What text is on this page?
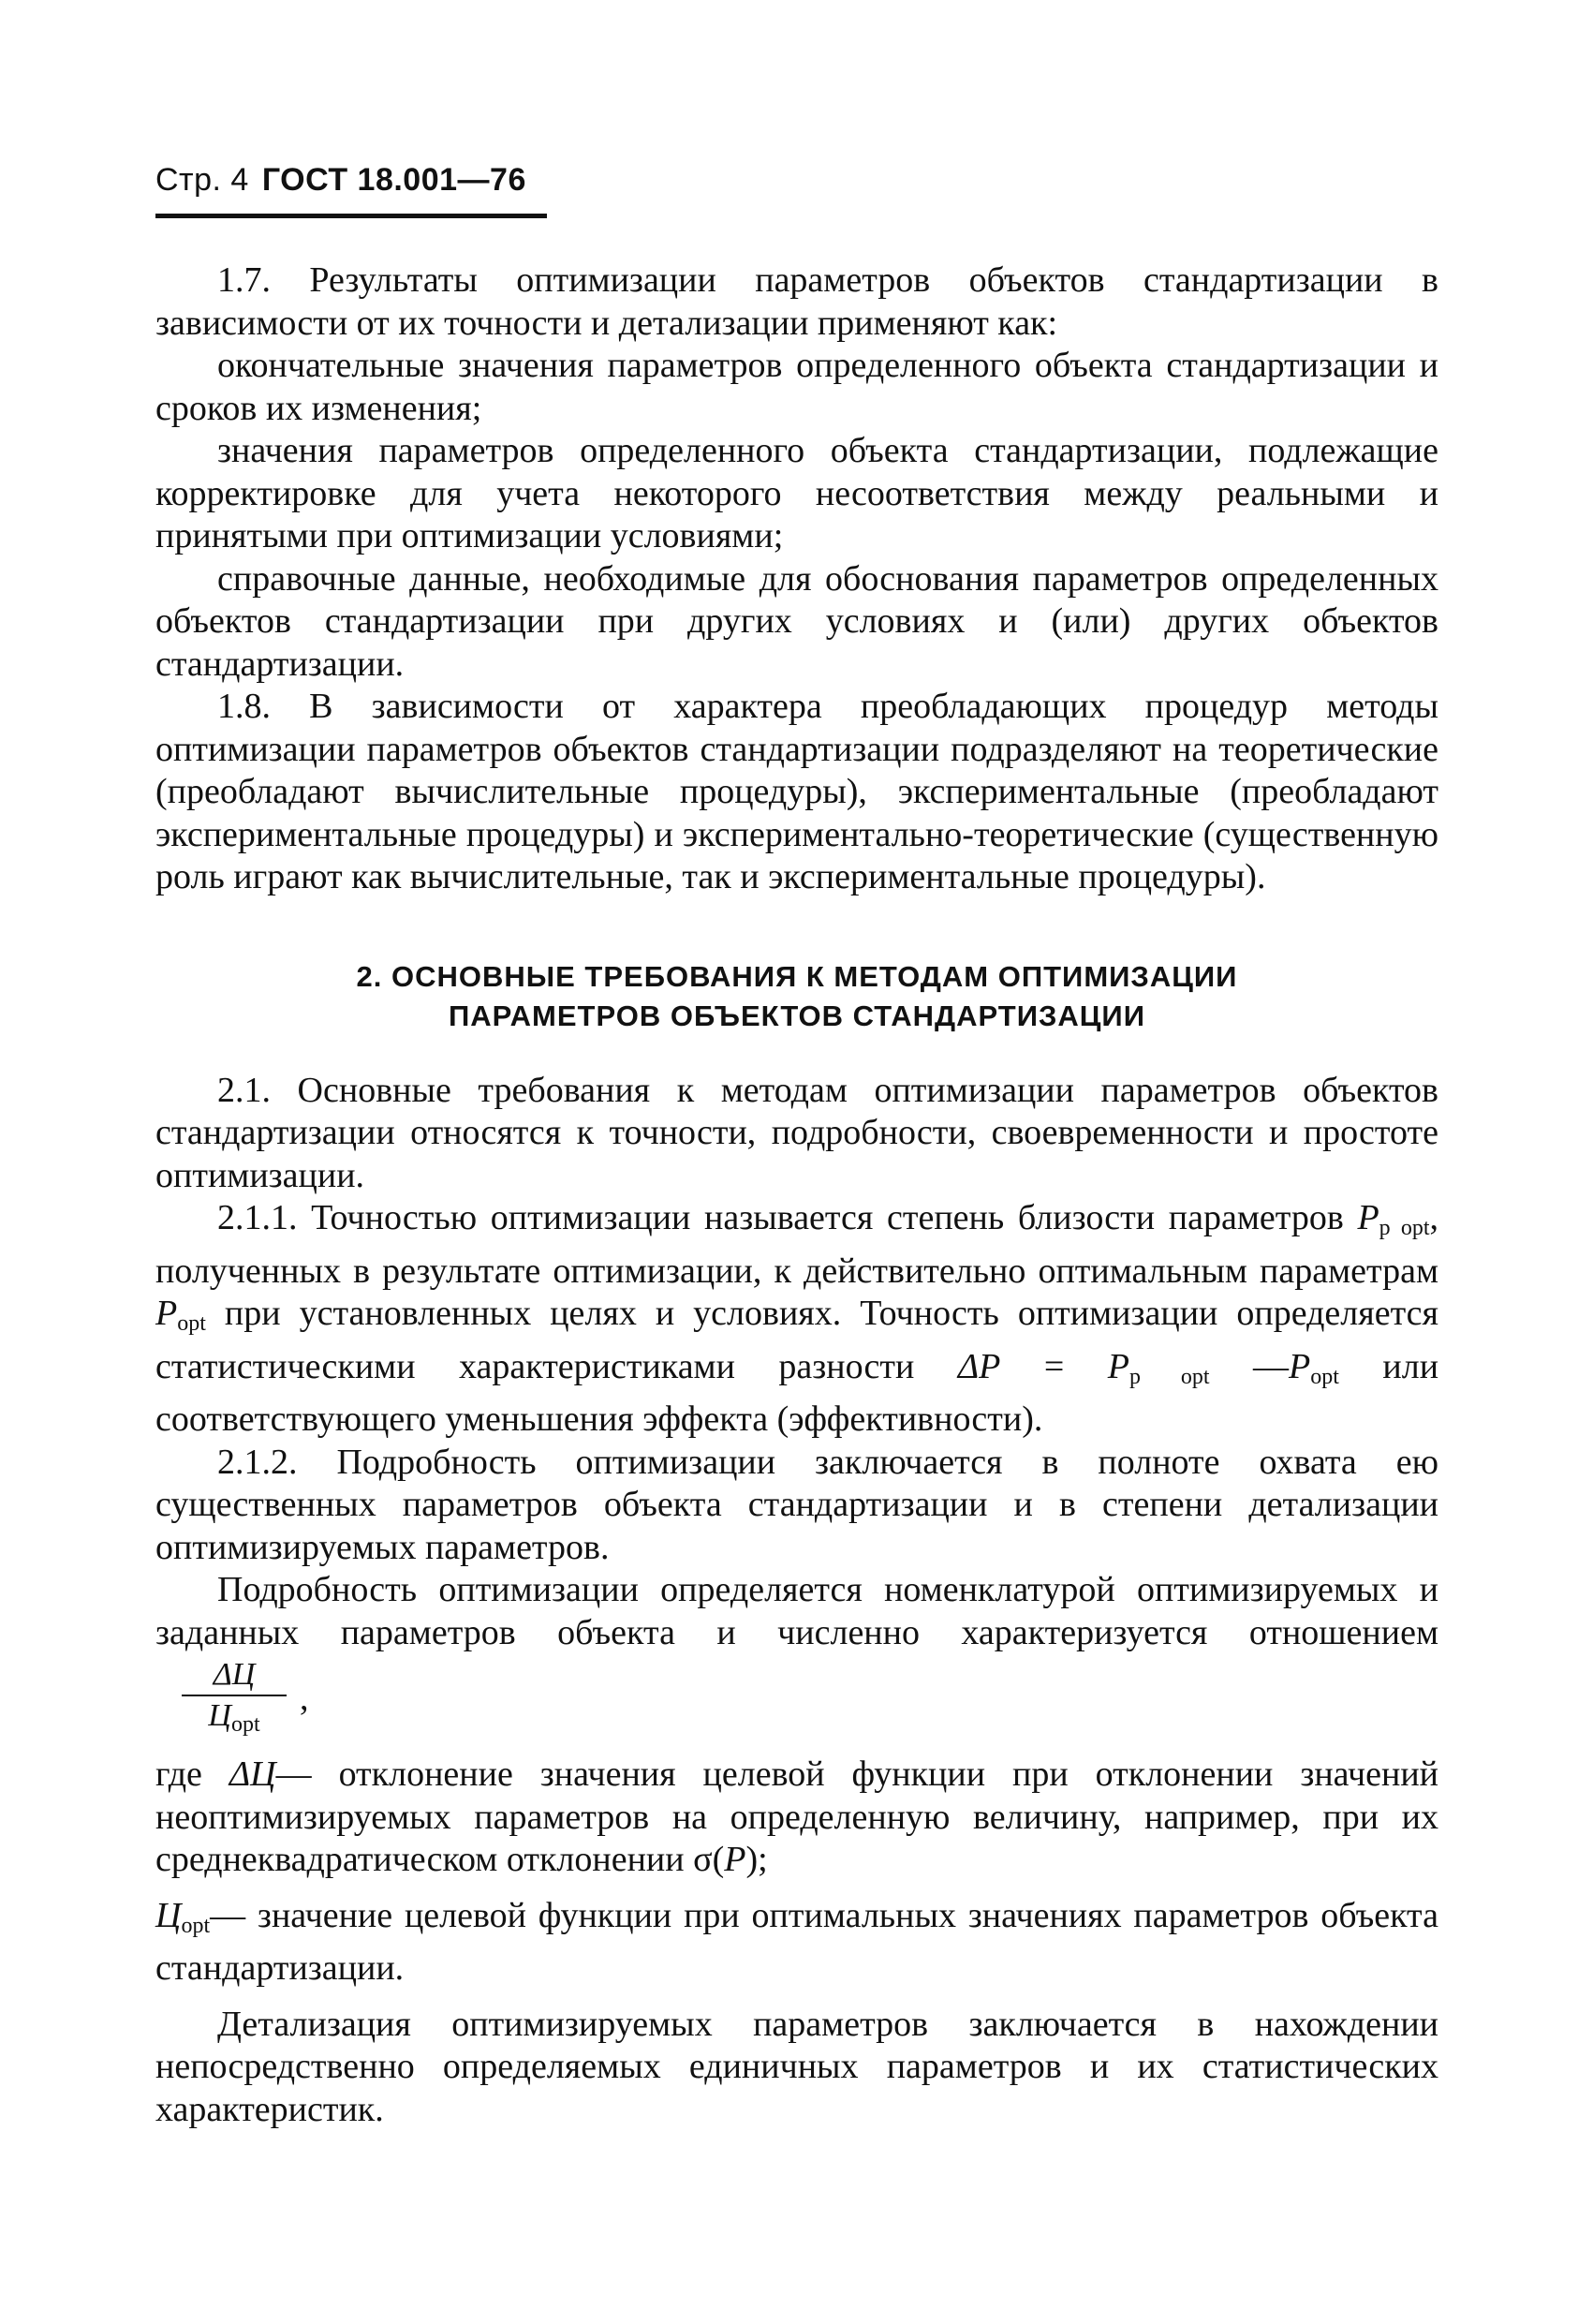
Стр. 4 ГОСТ 18.001—76

1.7. Результаты оптимизации параметров объектов стандартизации в зависимости от их точности и детализации применяют как:

окончательные значения параметров определенного объекта стандартизации и сроков их изменения;

значения параметров определенного объекта стандартизации, подлежащие корректировке для учета некоторого несоответствия между реальными и принятыми при оптимизации условиями;

справочные данные, необходимые для обоснования параметров определенных объектов стандартизации при других условиях и (или) других объектов стандартизации.

1.8. В зависимости от характера преобладающих процедур методы оптимизации параметров объектов стандартизации подразделяют на теоретические (преобладают вычислительные процедуры), экспериментальные (преобладают экспериментальные процедуры) и экспериментально-теоретические (существенную роль играют как вычислительные, так и экспериментальные процедуры).

2. ОСНОВНЫЕ ТРЕБОВАНИЯ К МЕТОДАМ ОПТИМИЗАЦИИ
ПАРАМЕТРОВ ОБЪЕКТОВ СТАНДАРТИЗАЦИИ

2.1. Основные требования к методам оптимизации параметров объектов стандартизации относятся к точности, подробности, своевременности и простоте оптимизации.

2.1.1. Точностью оптимизации называется степень близости параметров $P_{p opt}$, полученных в результате оптимизации, к действительно оптимальным параметрам $P_{opt}$ при установленных целях и условиях. Точность оптимизации определяется статистическими характеристиками разности $\Delta P = P_{p opt}$ $—P_{opt}$ или соответствующего уменьшения эффекта (эффективности).

2.1.2. Подробность оптимизации заключается в полноте охвата ею существенных параметров объекта стандартизации и в степени детализации оптимизируемых параметров.

Подробность оптимизации определяется номенклатурой оптимизируемых и заданных параметров объекта и численно характеризуется отношением

$\frac{\Delta Ц}{Ц_{opt}}$ ,

где ΔЦ— отклонение значения целевой функции при отклонении значений неоптимизируемых параметров на определенную величину, например, при их среднеквадратическом отклонении σ(P);

$Ц_{opt}—$ значение целевой функции при оптимальных значениях параметров объекта стандартизации.

Детализация оптимизируемых параметров заключается в нахождении непосредственно определяемых единичных параметров и их статистических характеристик.
